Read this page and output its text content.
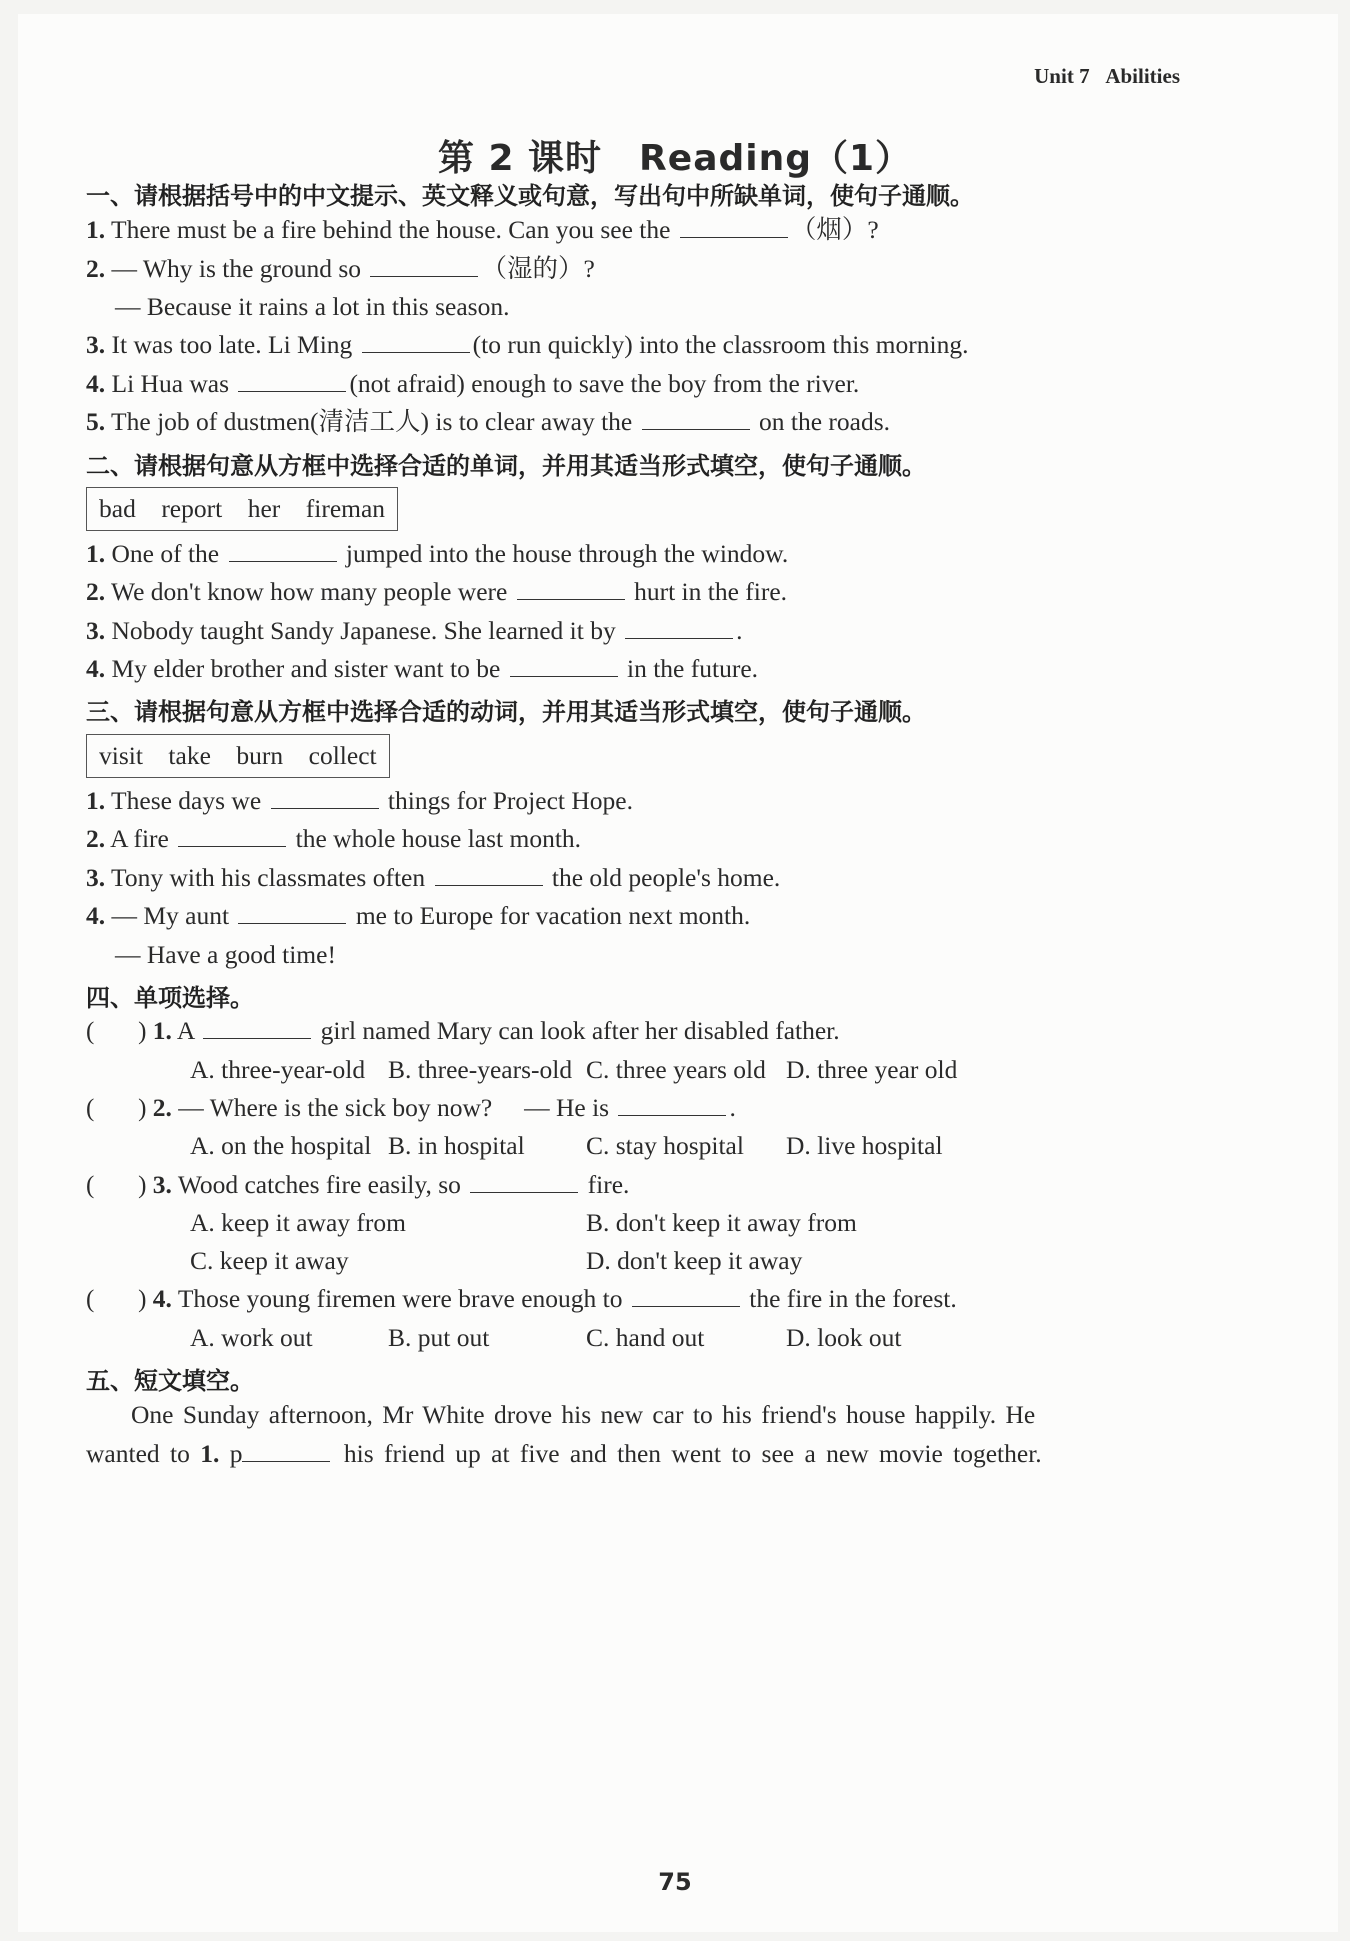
Unit 7 Abilities
第 2 课时　Reading（1）
一、请根据括号中的中文提示、英文释义或句意，写出句中所缺单词，使句子通顺。
1. There must be a fire behind the house. Can you see the	（烟）?
2. — Why is the ground so	（湿的）?
— Because it rains a lot in this season.
3. It was too late. Li Ming	(to run quickly) into the classroom this morning.
4. Li Hua was	(not afraid) enough to save the boy from the river.
5. The job of dustmen(清洁工人) is to clear away the	on the roads.
二、请根据句意从方框中选择合适的单词，并用其适当形式填空，使句子通顺。
bad　report　her　fireman
1. One of the	jumped into the house through the window.
2. We don't know how many people were	hurt in the fire.
3. Nobody taught Sandy Japanese. She learned it by	.
4. My elder brother and sister want to be	in the future.
三、请根据句意从方框中选择合适的动词，并用其适当形式填空，使句子通顺。
visit　take　burn　collect
1. These days we	things for Project Hope.
2. A fire	the whole house last month.
3. Tony with his classmates often	the old people's home.
4. — My aunt	me to Europe for vacation next month.
— Have a good time!
四、单项选择。
(       ) 1. A	girl named Mary can look after her disabled father.
A. three-year-old B. three-years-old C. three years old D. three year old
(       ) 2. — Where is the sick boy now?　 — He is	.
A. on the hospital B. in hospital C. stay hospital D. live hospital
(       ) 3. Wood catches fire easily, so	fire.
A. keep it away from	B. don't keep it away from
C. keep it away	D. don't keep it away
(       ) 4. Those young firemen were brave enough to	the fire in the forest.
A. work out	B. put out	C. hand out	D. look out
五、短文填空。
One Sunday afternoon, Mr White drove his new car to his friend's house happily. He
wanted to 1. p	his friend up at five and then went to see a new movie together.
75
